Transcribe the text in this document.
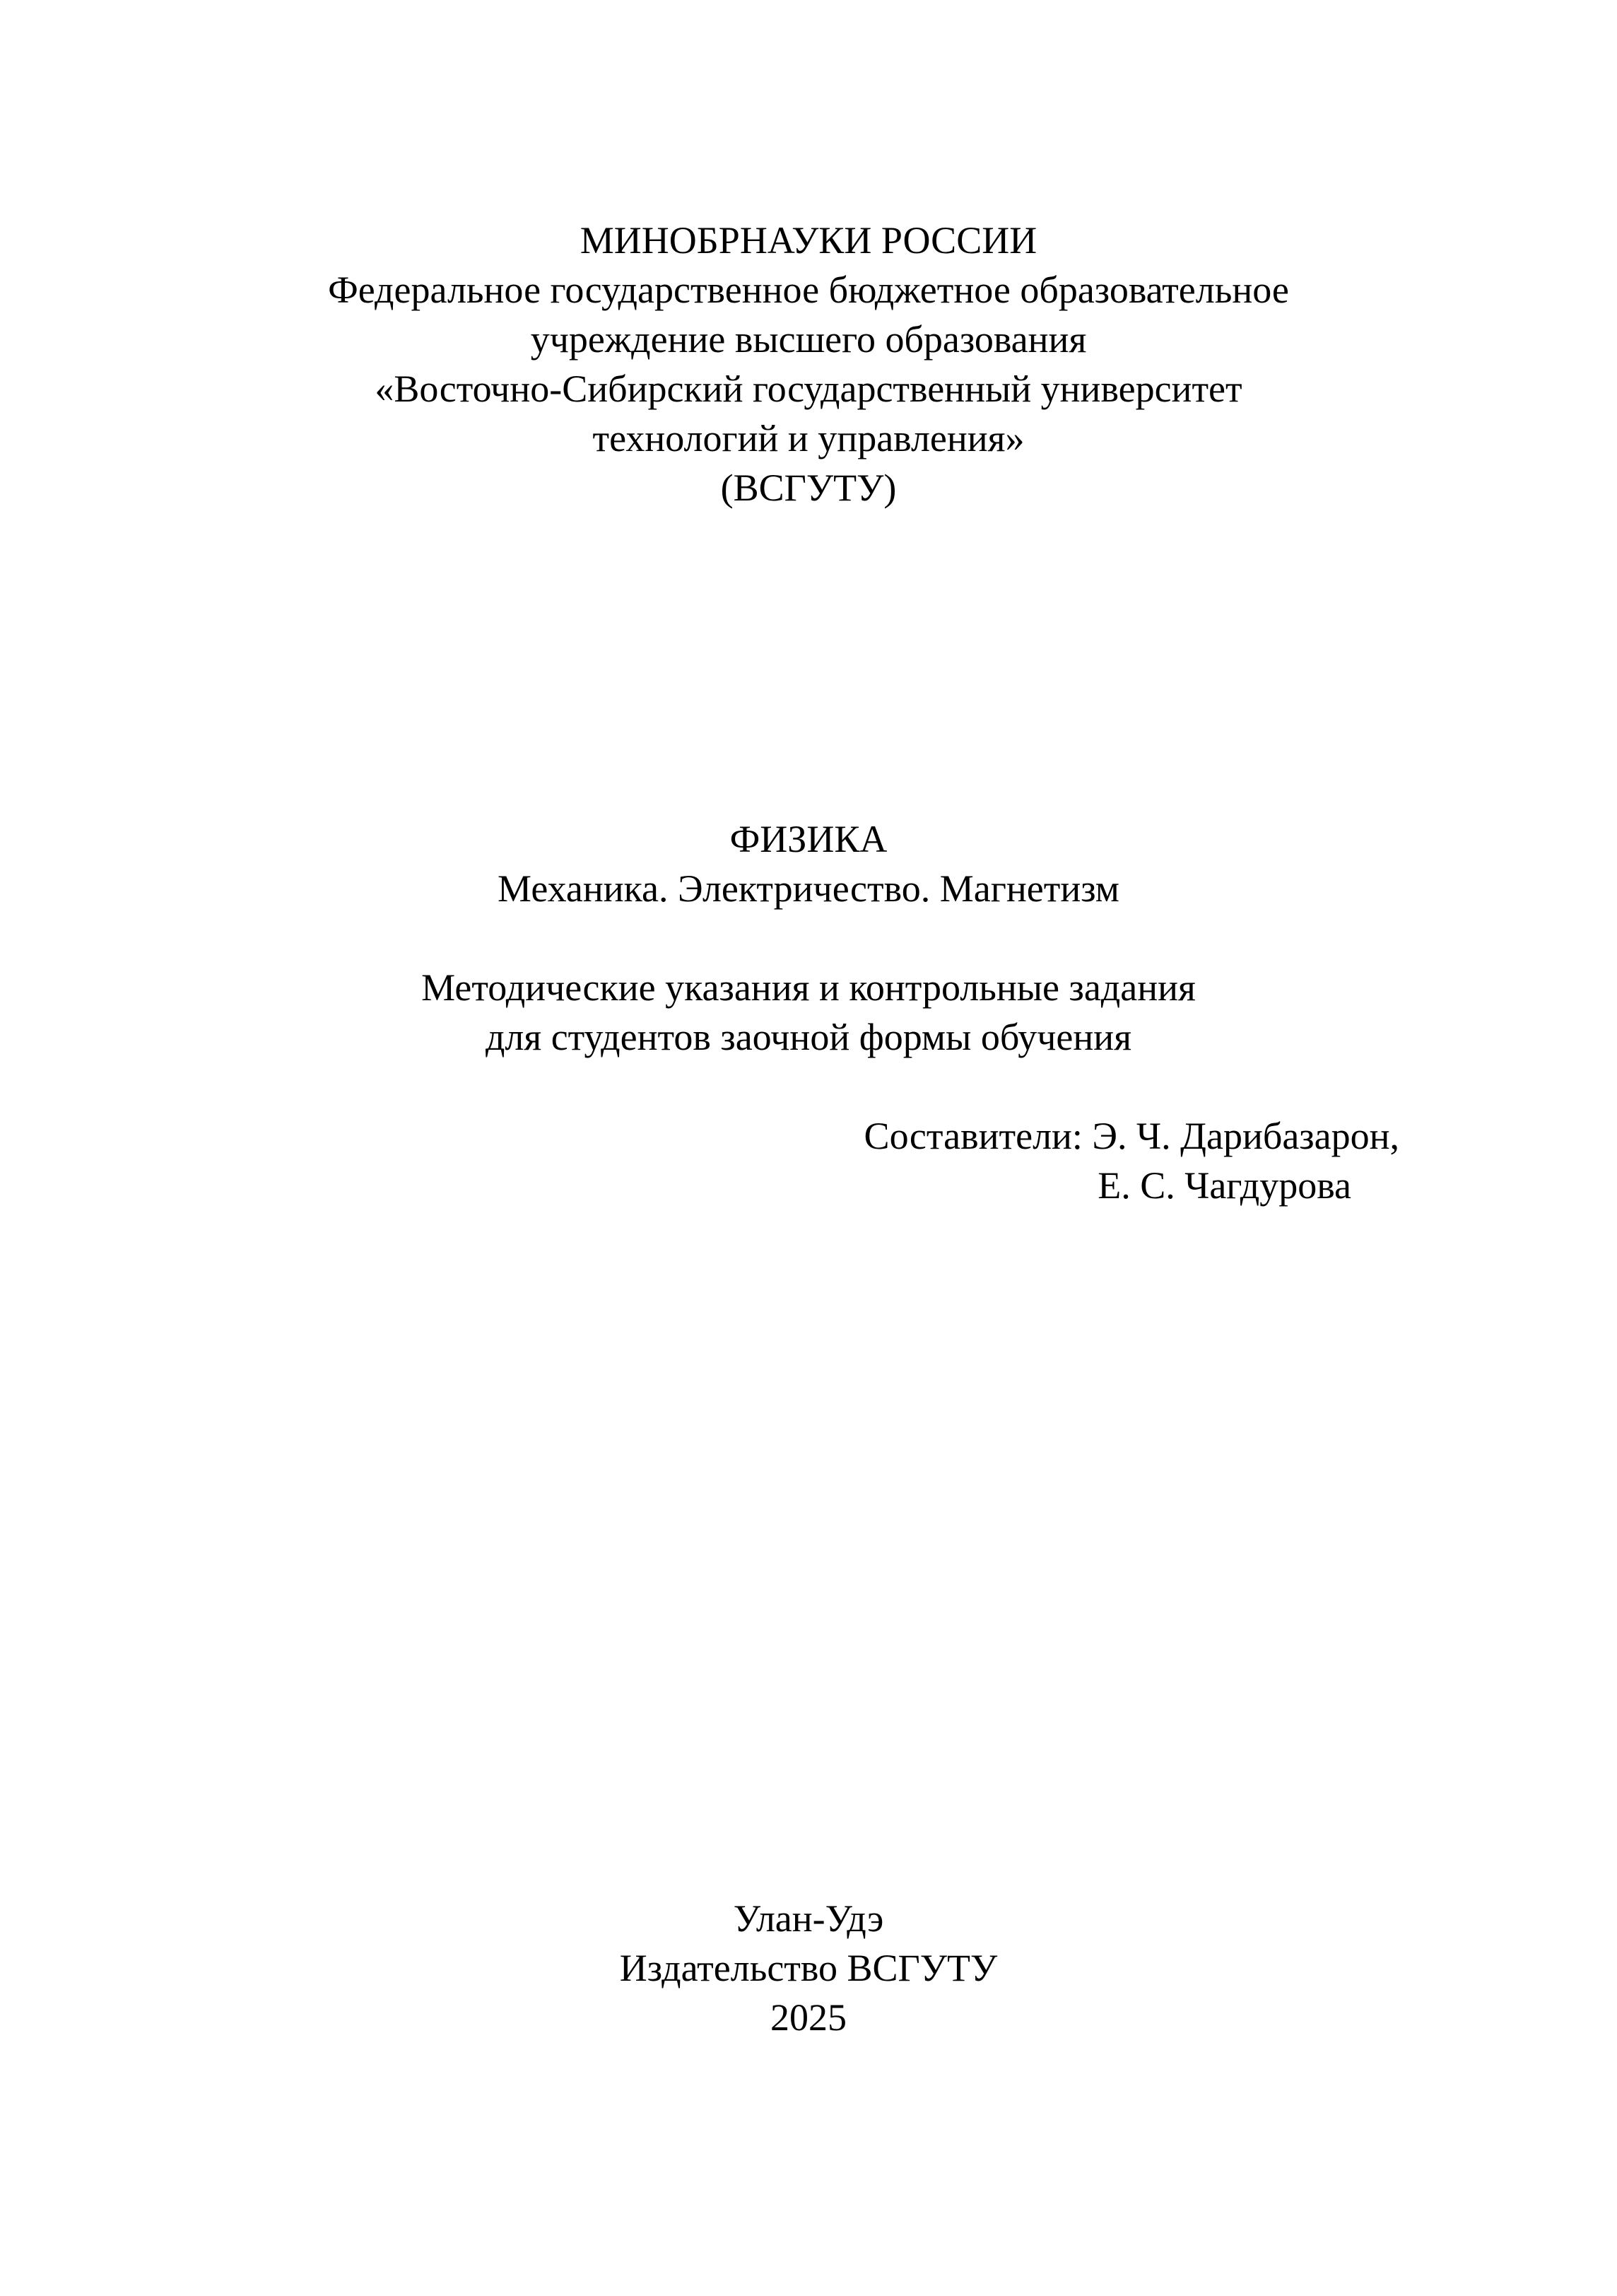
МИНОБРНАУКИ РОССИИ
Федеральное государственное бюджетное образовательное
учреждение высшего образования
«Восточно-Сибирский государственный университет
технологий и управления»
(ВСГУТУ)
ФИЗИКА
Механика. Электричество. Магнетизм
Методические указания и контрольные задания
для студентов заочной формы обучения
Составители: Э. Ч. Дарибазарон,
Е. С. Чагдурова
Улан-Удэ
Издательство ВСГУТУ
2025
